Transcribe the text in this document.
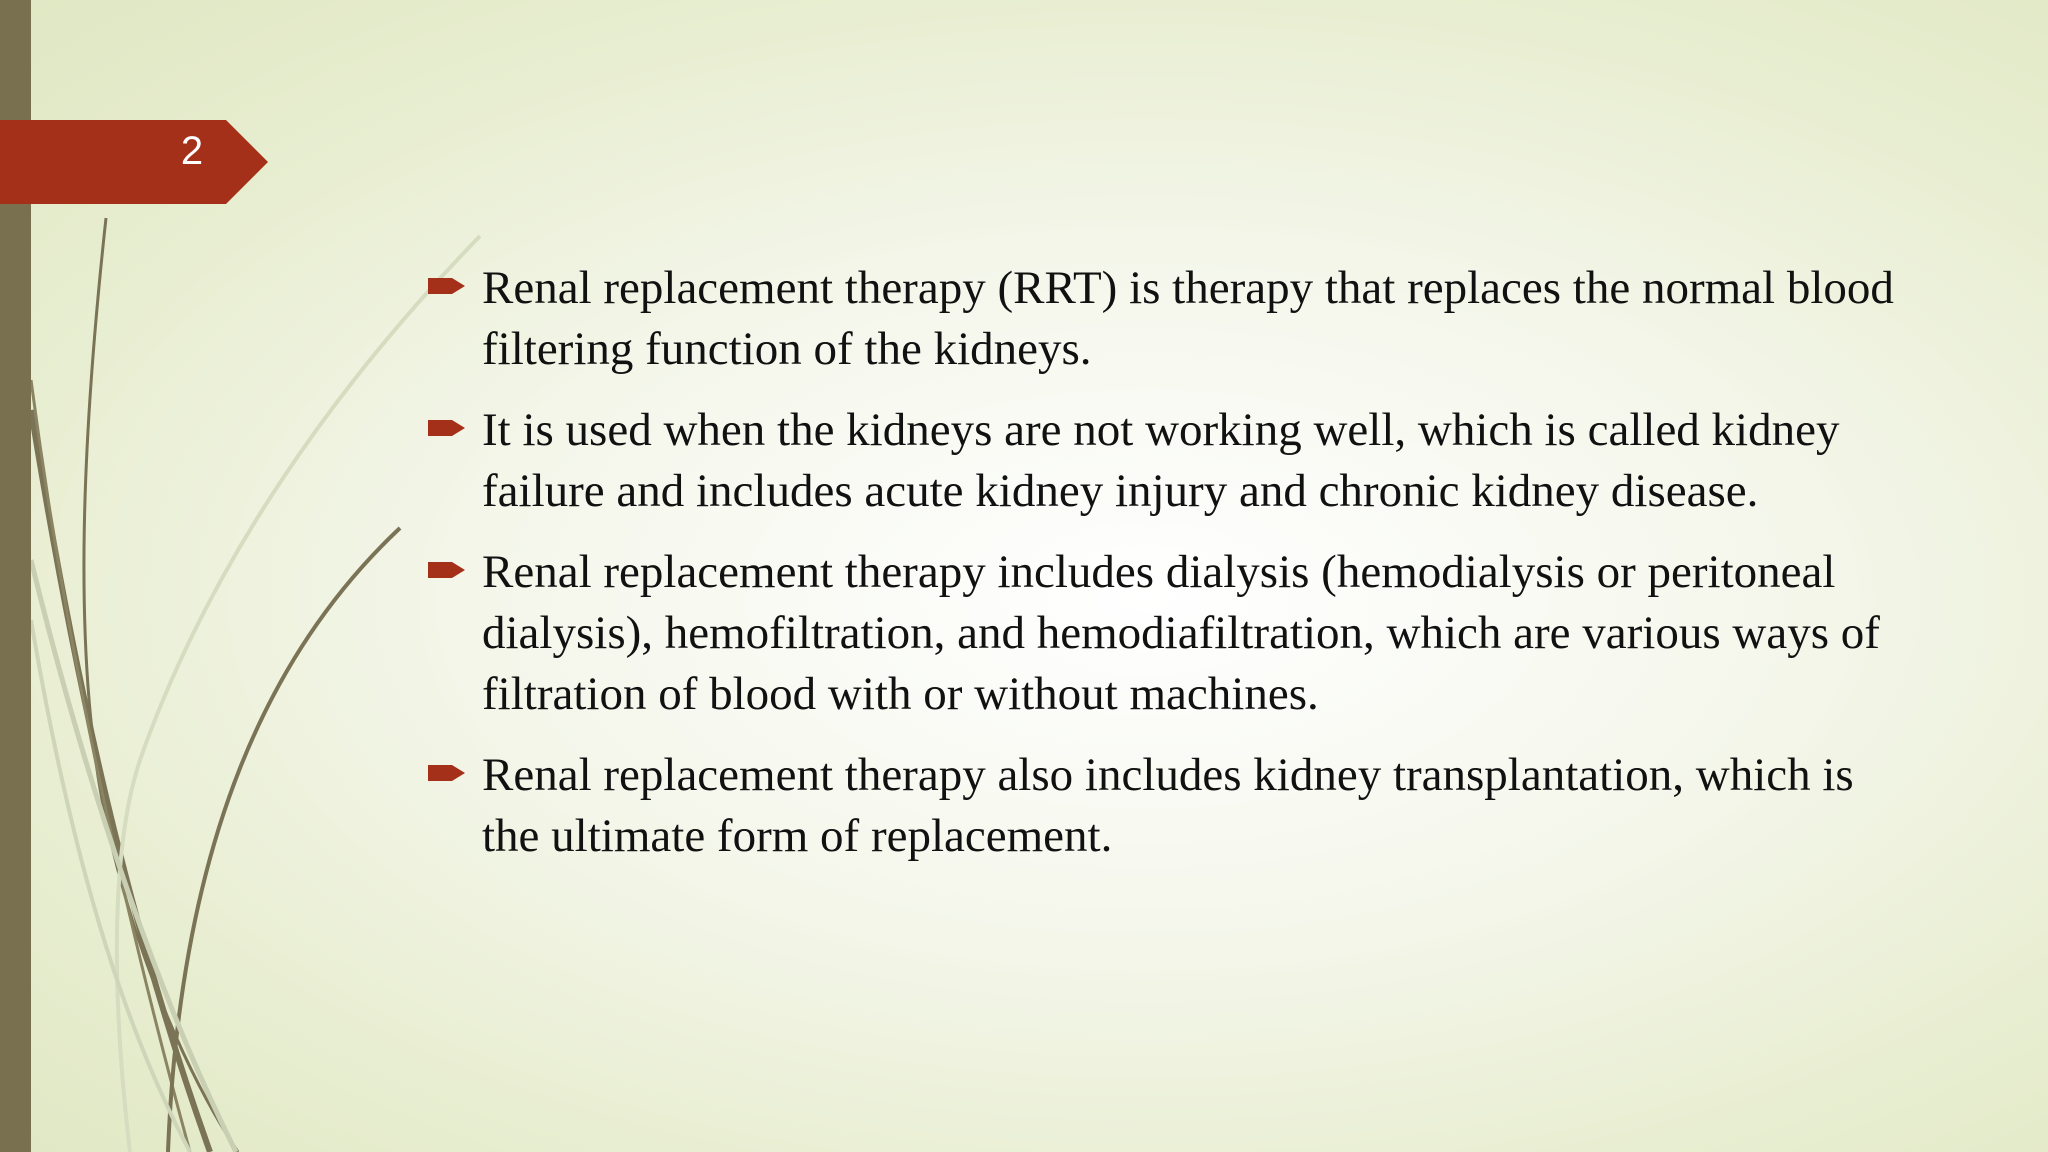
2
Renal replacement therapy (RRT) is therapy that replaces the normal blood filtering function of the kidneys.
It is used when the kidneys are not working well, which is called kidney failure and includes acute kidney injury and chronic kidney disease.
Renal replacement therapy includes dialysis (hemodialysis or peritoneal dialysis), hemofiltration, and hemodiafiltration, which are various ways of filtration of blood with or without machines.
Renal replacement therapy also includes kidney transplantation, which is the ultimate form of replacement.
